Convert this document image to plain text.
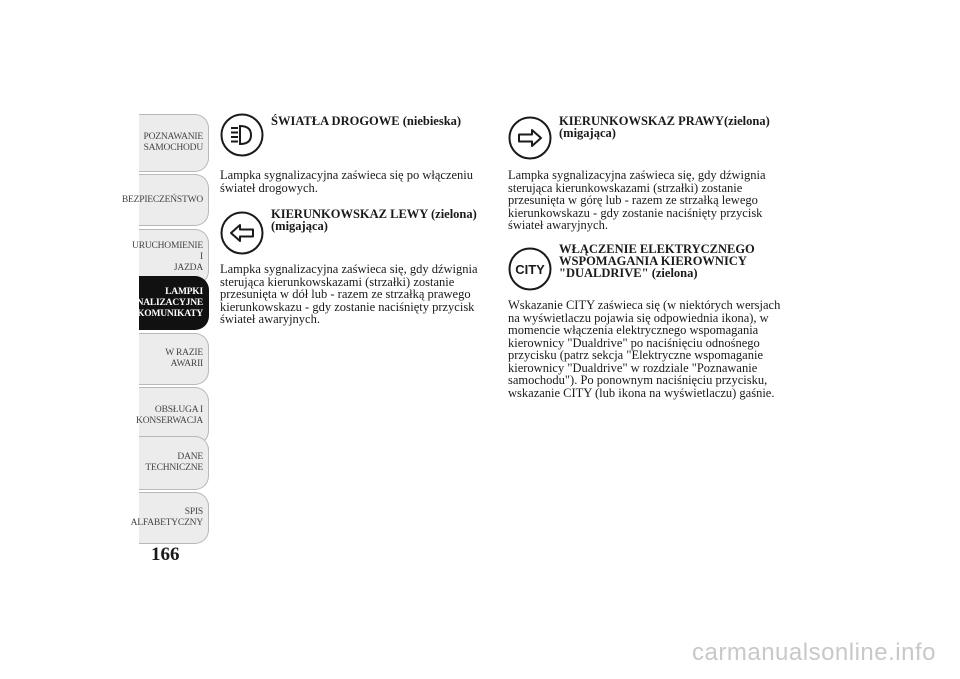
POZNAWANIE
SAMOCHODU
BEZPIECZEŃSTWO
URUCHOMIENIE I
JAZDA
LAMPKI
SYGNALIZACYJNE
I KOMUNIKATY
W RAZIE AWARII
OBSŁUGA I
KONSERWACJA
DANE
TECHNICZNE
SPIS
ALFABETYCZNY
166
ŚWIATŁA DROGOWE (niebieska)
Lampka sygnalizacyjna zaświeca się po włączeniu świateł drogowych.
KIERUNKOWSKAZ LEWY (zielona) (migająca)
Lampka sygnalizacyjna zaświeca się, gdy dźwignia sterująca kierunkowskazami (strzałki) zostanie przesunięta w dół lub - razem ze strzałką prawego kierunkowskazu - gdy zostanie naciśnięty przycisk świateł awaryjnych.
KIERUNKOWSKAZ PRAWY(zielona) (migająca)
Lampka sygnalizacyjna zaświeca się, gdy dźwignia sterująca kierunkowskazami (strzałki) zostanie przesunięta w górę lub - razem ze strzałką lewego kierunkowskazu - gdy zostanie naciśnięty przycisk świateł awaryjnych.
CITY
WŁĄCZENIE ELEKTRYCZNEGO WSPOMAGANIA KIEROWNICY "DUALDRIVE" (zielona)
Wskazanie CITY zaświeca się (w niektórych wersjach na wyświetlaczu pojawia się odpowiednia ikona), w momencie włączenia elektrycznego wspomagania kierownicy "Dualdrive" po naciśnięciu odnośnego przycisku (patrz sekcja "Elektryczne wspomaganie kierownicy "Dualdrive" w rozdziale "Poznawanie samochodu"). Po ponownym naciśnięciu przycisku, wskazanie CITY (lub ikona na wyświetlaczu) gaśnie.
carmanualsonline.info
